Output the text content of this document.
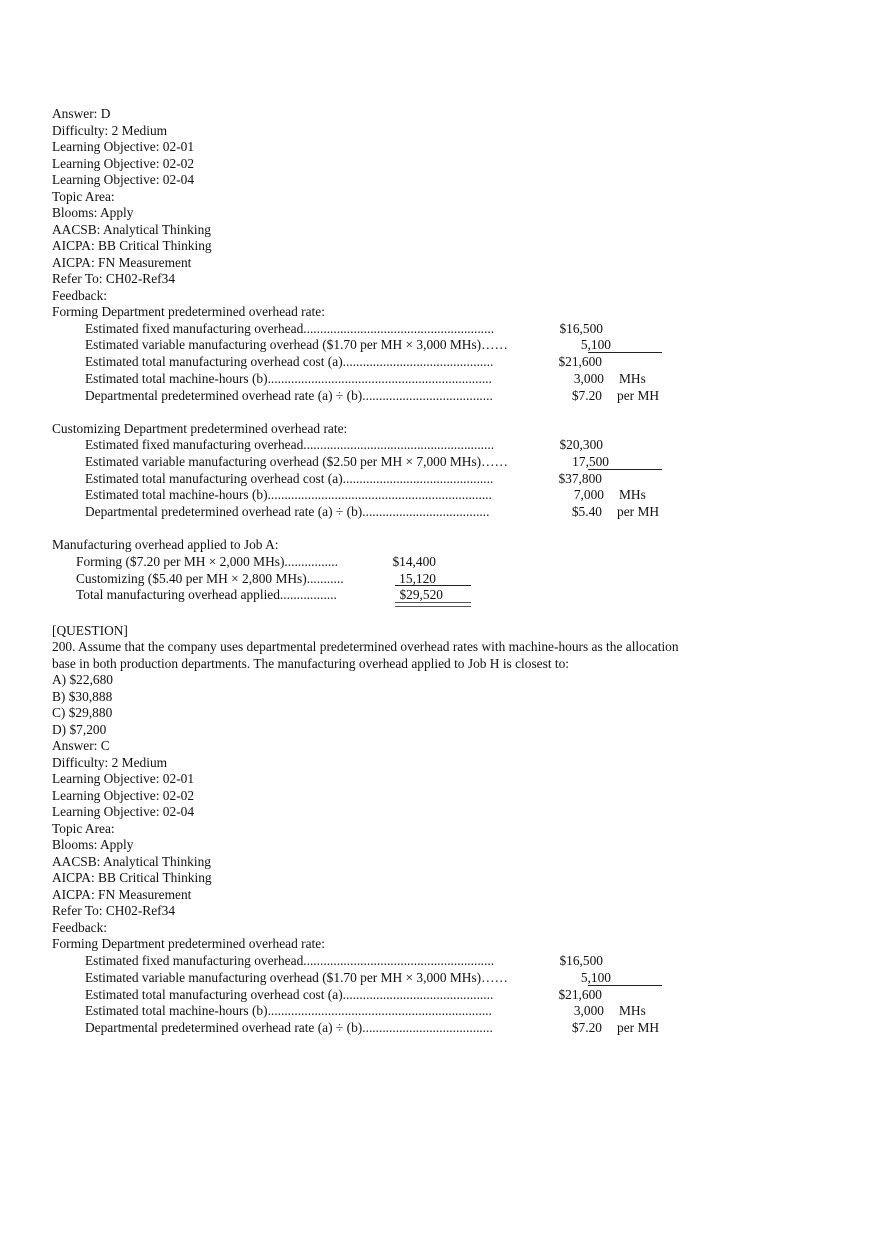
Answer: D
Difficulty: 2 Medium
Learning Objective: 02-01
Learning Objective: 02-02
Learning Objective: 02-04
Topic Area:
Blooms: Apply
AACSB: Analytical Thinking
AICPA: BB Critical Thinking
AICPA: FN Measurement
Refer To: CH02-Ref34
Feedback:
Forming Department predetermined overhead rate:
Estimated fixed manufacturing overhead.........................................................	$16,500
Estimated variable manufacturing overhead ($1.70 per MH × 3,000 MHs)……	5,100
Estimated total manufacturing overhead cost (a).............................................	$21,600
Estimated total machine-hours (b)...................................................................	3,000 MHs
Departmental predetermined overhead rate (a) ÷ (b).......................................	$7.20 per MH
Customizing Department predetermined overhead rate:
Estimated fixed manufacturing overhead.........................................................	$20,300
Estimated variable manufacturing overhead ($2.50 per MH × 7,000 MHs)……	17,500
Estimated total manufacturing overhead cost (a).............................................	$37,800
Estimated total machine-hours (b)...................................................................	7,000 MHs
Departmental predetermined overhead rate (a) ÷ (b)......................................	$5.40 per MH
Manufacturing overhead applied to Job A:
Forming ($7.20 per MH × 2,000 MHs)................	$14,400
Customizing ($5.40 per MH × 2,800 MHs)...........	15,120
Total manufacturing overhead applied.................	$29,520
[QUESTION]
200. Assume that the company uses departmental predetermined overhead rates with machine-hours as the allocation
base in both production departments. The manufacturing overhead applied to Job H is closest to:
A) $22,680
B) $30,888
C) $29,880
D) $7,200
Answer: C
Difficulty: 2 Medium
Learning Objective: 02-01
Learning Objective: 02-02
Learning Objective: 02-04
Topic Area:
Blooms: Apply
AACSB: Analytical Thinking
AICPA: BB Critical Thinking
AICPA: FN Measurement
Refer To: CH02-Ref34
Feedback:
Forming Department predetermined overhead rate:
Estimated fixed manufacturing overhead.........................................................	$16,500
Estimated variable manufacturing overhead ($1.70 per MH × 3,000 MHs)……	5,100
Estimated total manufacturing overhead cost (a).............................................	$21,600
Estimated total machine-hours (b)...................................................................	3,000 MHs
Departmental predetermined overhead rate (a) ÷ (b).......................................	$7.20 per MH
